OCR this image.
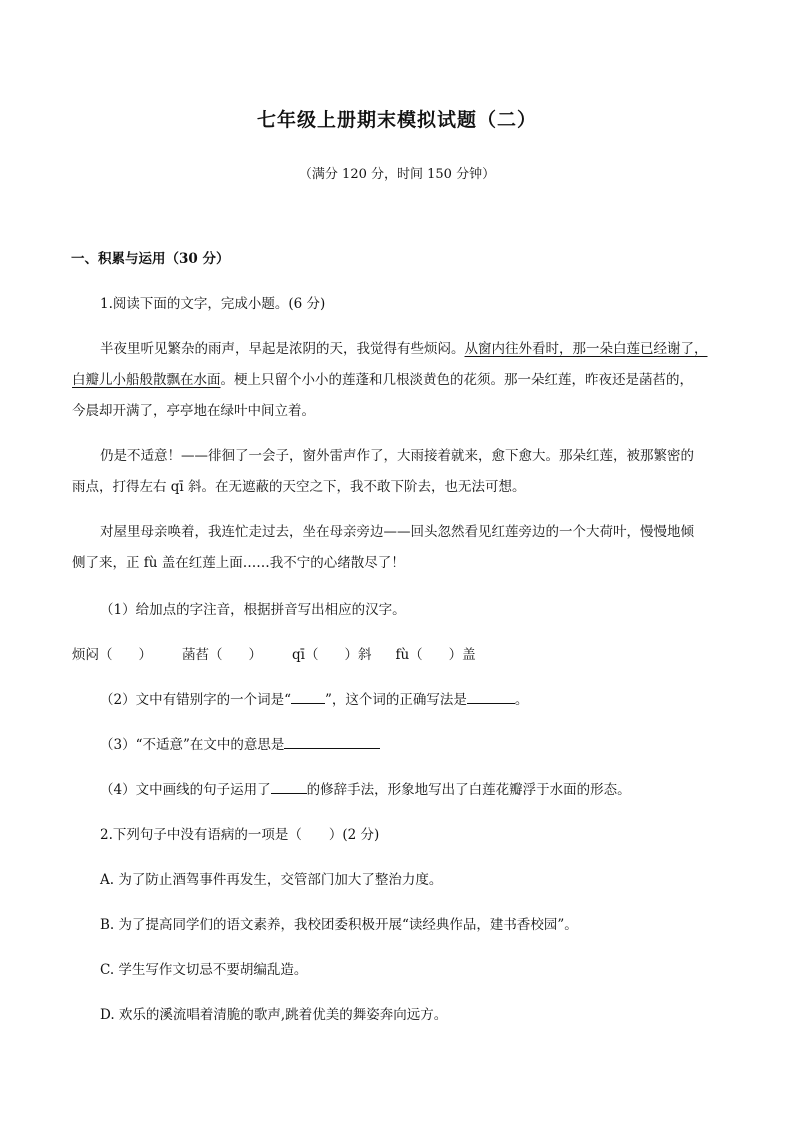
七年级上册期末模拟试题（二）
（满分 120 分，时间 150 分钟）
一、积累与运用（30 分）
1.阅读下面的文字，完成小题。(6 分)
半夜里听见繁杂的雨声，早起是浓阴的天，我觉得有些烦闷。从窗内往外看时，那一朵白莲已经谢了，
白瓣儿小船般散飘在水面。梗上只留个小小的莲蓬和几根淡黄色的花须。那一朵红莲，昨夜还是菡萏的，
今晨却开满了，亭亭地在绿叶中间立着。
仍是不适意！——徘徊了一会子，窗外雷声作了，大雨接着就来，愈下愈大。那朵红莲，被那繁密的
雨点，打得左右 qī 斜。在无遮蔽的天空之下，我不敢下阶去，也无法可想。
对屋里母亲唤着，我连忙走过去，坐在母亲旁边——回头忽然看见红莲旁边的一个大荷叶，慢慢地倾
侧了来，正 fù 盖在红莲上面……我不宁的心绪散尽了！
（1）给加点的字注音，根据拼音写出相应的汉字。
烦闷（ ） 菡萏（ ） qī（ ）斜 fù（ ）盖
（2）文中有错别字的一个词是“	”，这个词的正确写法是	。
（3）“不适意”在文中的意思是
（4）文中画线的句子运用了	的修辞手法，形象地写出了白莲花瓣浮于水面的形态。
2.下列句子中没有语病的一项是（　　）(2 分)
A. 为了防止酒驾事件再发生，交管部门加大了整治力度。
B. 为了提高同学们的语文素养，我校团委积极开展“读经典作品，建书香校园”。
C. 学生写作文切忌不要胡编乱造。
D. 欢乐的溪流唱着清脆的歌声,跳着优美的舞姿奔向远方。
